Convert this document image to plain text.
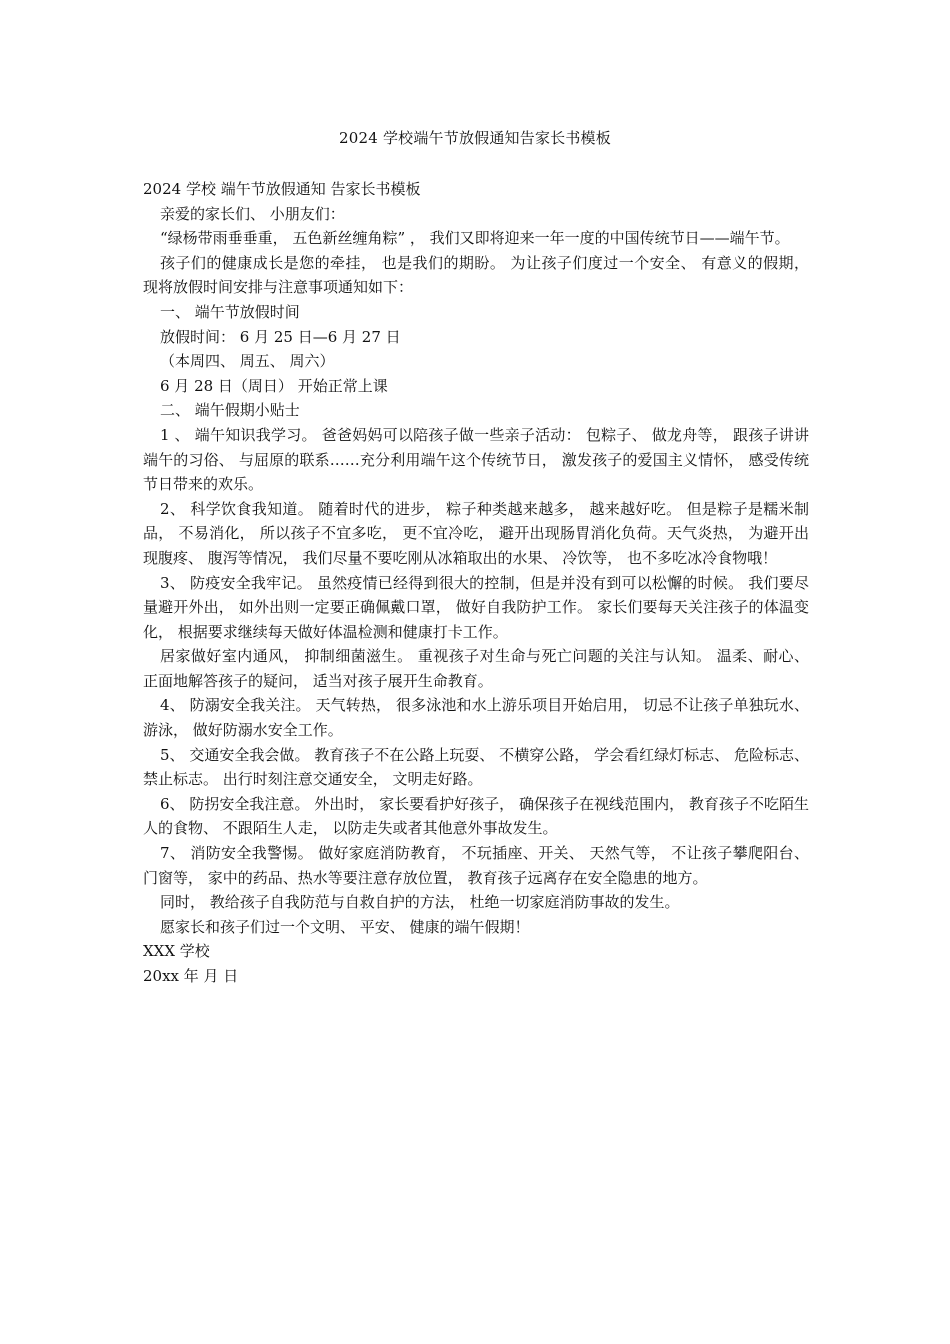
2024 学校端午节放假通知告家长书模板

2024 学校 端午节放假通知 告家长书模板

亲爱的家长们、 小朋友们：

“绿杨带雨垂垂重， 五色新丝缠角粽” ， 我们又即将迎来一年一度的中国传统节日——端午节。

孩子们的健康成长是您的牵挂， 也是我们的期盼。 为让孩子们度过一个安全、 有意义的假期， 现将放假时间安排与注意事项通知如下：

一、 端午节放假时间

放假时间： 6 月 25 日—6 月 27 日

（本周四、 周五、 周六）

6 月 28 日（周日） 开始正常上课

二、 端午假期小贴士

1 、 端午知识我学习。 爸爸妈妈可以陪孩子做一些亲子活动： 包粽子、 做龙舟等， 跟孩子讲讲端午的习俗、 与屈原的联系……充分利用端午这个传统节日， 激发孩子的爱国主义情怀， 感受传统节日带来的欢乐。

2、 科学饮食我知道。 随着时代的进步， 粽子种类越来越多， 越来越好吃。 但是粽子是糯米制品， 不易消化， 所以孩子不宜多吃， 更不宜冷吃， 避开出现肠胃消化负荷。天气炎热， 为避开出现腹疼、 腹泻等情况， 我们尽量不要吃刚从冰箱取出的水果、 冷饮等， 也不多吃冰冷食物哦！

3、 防疫安全我牢记。 虽然疫情已经得到很大的控制，但是并没有到可以松懈的时候。 我们要尽量避开外出， 如外出则一定要正确佩戴口罩， 做好自我防护工作。 家长们要每天关注孩子的体温变化， 根据要求继续每天做好体温检测和健康打卡工作。

居家做好室内通风， 抑制细菌滋生。 重视孩子对生命与死亡问题的关注与认知。 温柔、耐心、 正面地解答孩子的疑问， 适当对孩子展开生命教育。

4、 防溺安全我关注。 天气转热， 很多泳池和水上游乐项目开始启用， 切忌不让孩子单独玩水、 游泳， 做好防溺水安全工作。

5、 交通安全我会做。 教育孩子不在公路上玩耍、 不横穿公路， 学会看红绿灯标志、 危险标志、 禁止标志。 出行时刻注意交通安全， 文明走好路。

6、 防拐安全我注意。 外出时， 家长要看护好孩子， 确保孩子在视线范围内， 教育孩子不吃陌生人的食物、 不跟陌生人走， 以防走失或者其他意外事故发生。

7、 消防安全我警惕。 做好家庭消防教育， 不玩插座、开关、 天然气等， 不让孩子攀爬阳台、 门窗等， 家中的药品、热水等要注意存放位置， 教育孩子远离存在安全隐患的地方。

同时， 教给孩子自我防范与自救自护的方法， 杜绝一切家庭消防事故的发生。

愿家长和孩子们过一个文明、 平安、 健康的端午假期！

XXX 学校

20xx 年 月 日
